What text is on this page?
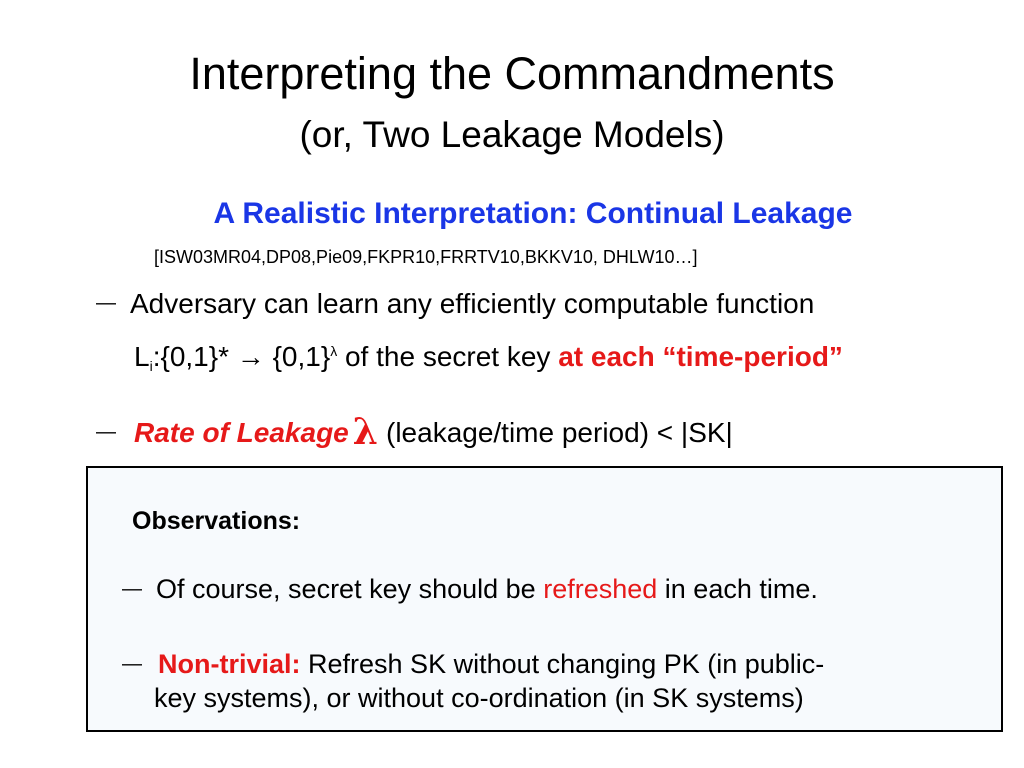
Interpreting the Commandments
(or, Two Leakage Models)
A Realistic Interpretation: Continual Leakage
[ISW03MR04,DP08,Pie09,FKPR10,FRRTV10,BKKV10, DHLW10…]
— Adversary can learn any efficiently computable function
$L_i:\{0,1\}* \to \{0,1\}^\lambda$ of the secret key at each “time-period”
— Rate of Leakage λ (leakage/time period) < |SK|
Observations:
— Of course, secret key should be refreshed in each time.
— Non-trivial: Refresh SK without changing PK (in public-
key systems), or without co-ordination (in SK systems)
